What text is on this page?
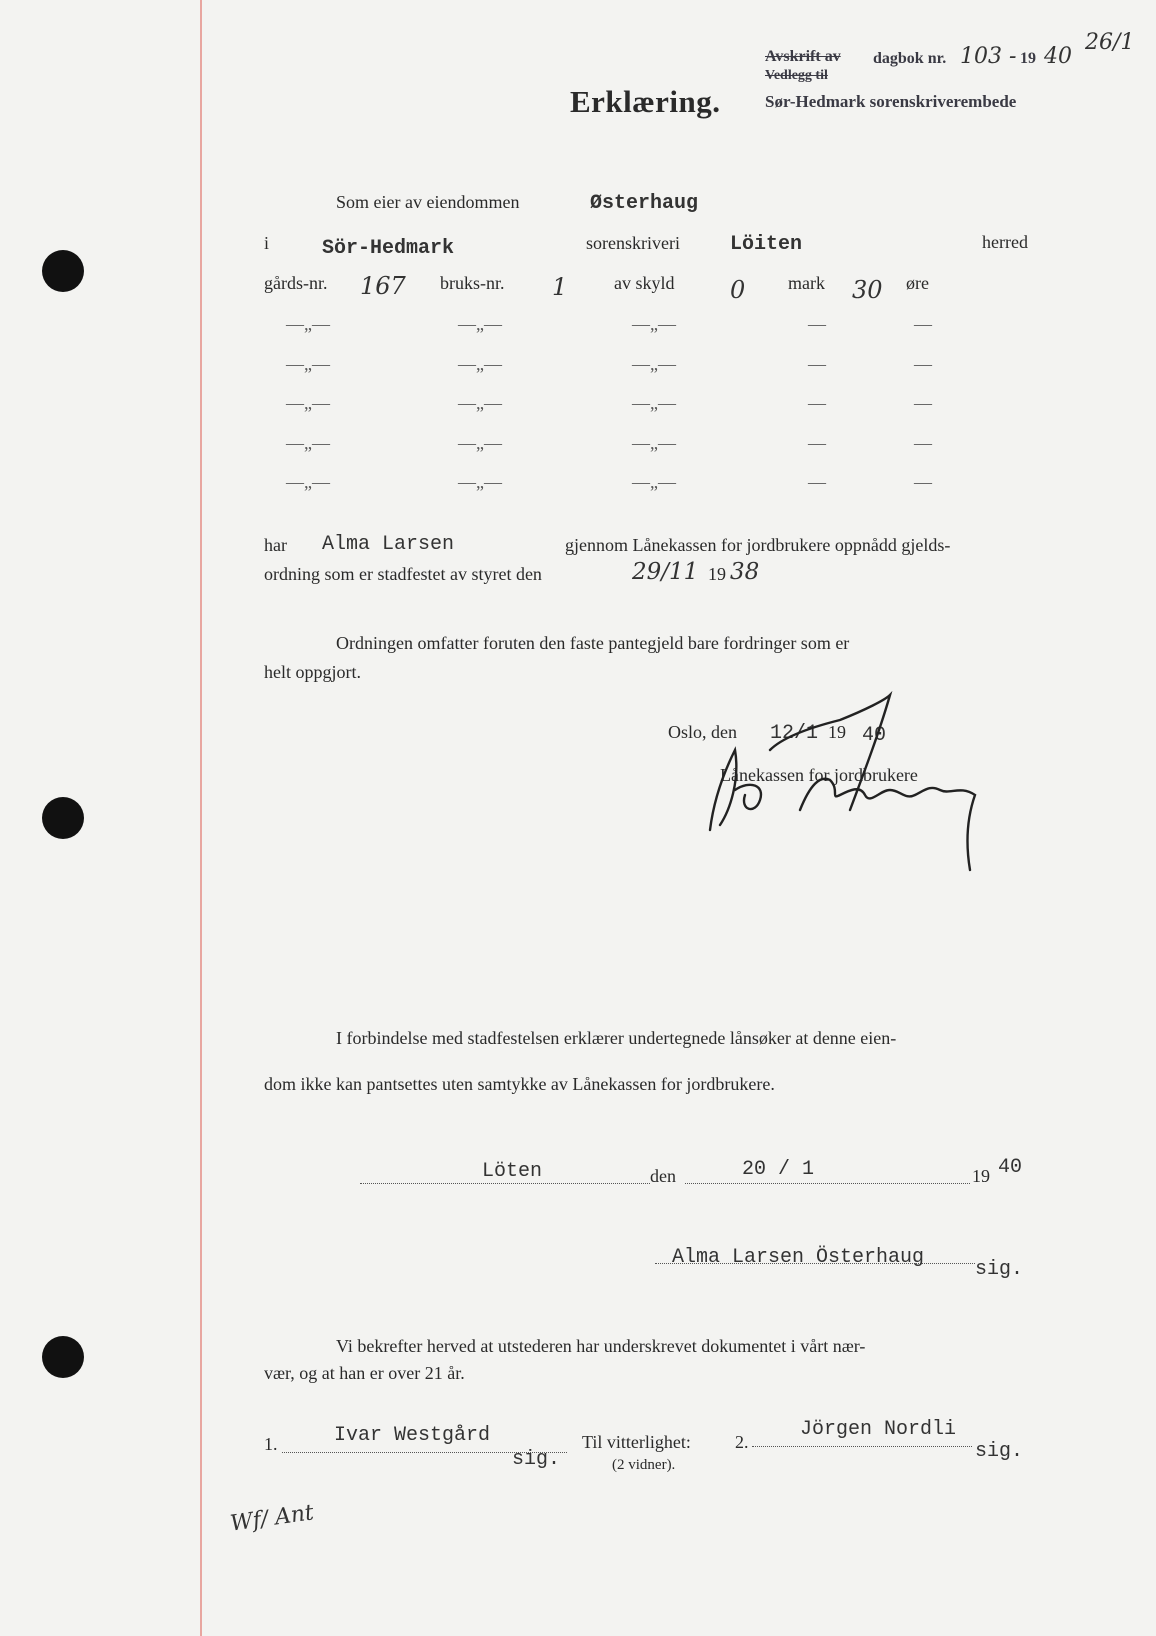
Avskrift av dagbok nr. 103 - 19 40
26/1
Vedlegg til
Sør-Hedmark sorenskriverembede
Erklæring.
Som eier av eiendommen	Østerhaug
i	Sör-Hedmark	sorenskriveri	Löiten	herred
gårds-nr. 167 bruks-nr. 1	av skyld 0 mark 30 øre
—„—	—„—	—„—	—	—
—„—	—„—	—„—	—	—
—„—	—„—	—„—	—	—
—„—	—„—	—„—	—	—
—„—	—„—	—„—	—	—
har Alma Larsen	gjennom Lånekassen for jordbrukere oppnådd gjelds-
ordning som er stadfestet av styret den	29/11 19 38
Ordningen omfatter foruten den faste pantegjeld bare fordringer som er
helt oppgjort.
Oslo, den 12/1 19 40
Lånekassen for jordbrukere
I forbindelse med stadfestelsen erklærer undertegnede lånsøker at denne eien-
dom ikke kan pantsettes uten samtykke av Lånekassen for jordbrukere.
Löten	den	20 / 1	19 40
Alma Larsen Österhaug
sig.
Vi bekrefter herved at utstederen har underskrevet dokumentet i vårt nær-
vær, og at han er over 21 år.
1.	Ivar Westgård
sig.
Til vitterlighet: 2.
Jörgen Nordli
sig.
(2 vidner).
Wf/ Ant
